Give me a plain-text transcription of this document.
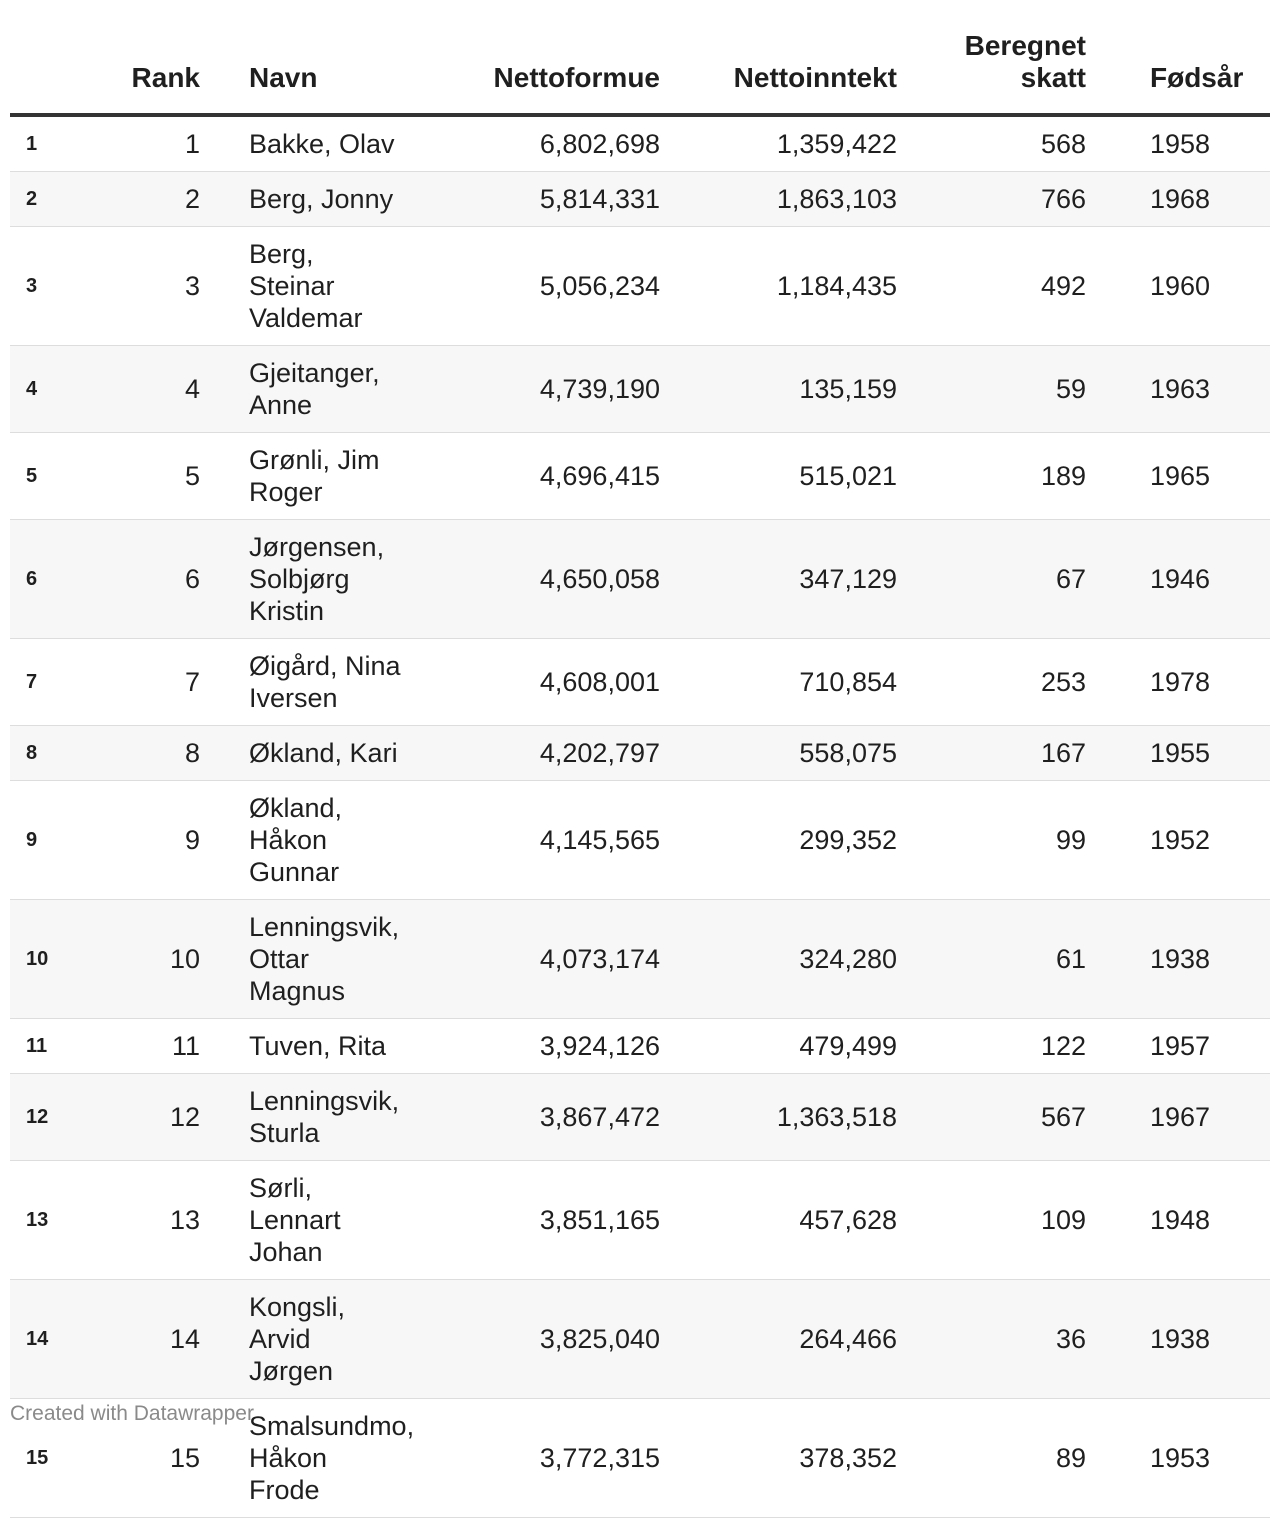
	Rank	Navn	Nettoformue	Nettoinntekt	Beregnet
skatt	Fødsår
1	1	Bakke, Olav	6,802,698	1,359,422	568	1958
2	2	Berg, Jonny	5,814,331	1,863,103	766	1968
3	3	Berg, Steinar
Valdemar	5,056,234	1,184,435	492	1960
4	4	Gjeitanger,
Anne	4,739,190	135,159	59	1963
5	5	Grønli, Jim
Roger	4,696,415	515,021	189	1965
6	6	Jørgensen,
Solbjørg
Kristin	4,650,058	347,129	67	1946
7	7	Øigård, Nina
Iversen	4,608,001	710,854	253	1978
8	8	Økland, Kari	4,202,797	558,075	167	1955
9	9	Økland,
Håkon
Gunnar	4,145,565	299,352	99	1952
10	10	Lenningsvik,
Ottar Magnus	4,073,174	324,280	61	1938
11	11	Tuven, Rita	3,924,126	479,499	122	1957
12	12	Lenningsvik,
Sturla	3,867,472	1,363,518	567	1967
13	13	Sørli, Lennart
Johan	3,851,165	457,628	109	1948
14	14	Kongsli, Arvid
Jørgen	3,825,040	264,466	36	1938
15	15	Smalsundmo,
Håkon Frode	3,772,315	378,352	89	1953
Created with Datawrapper
